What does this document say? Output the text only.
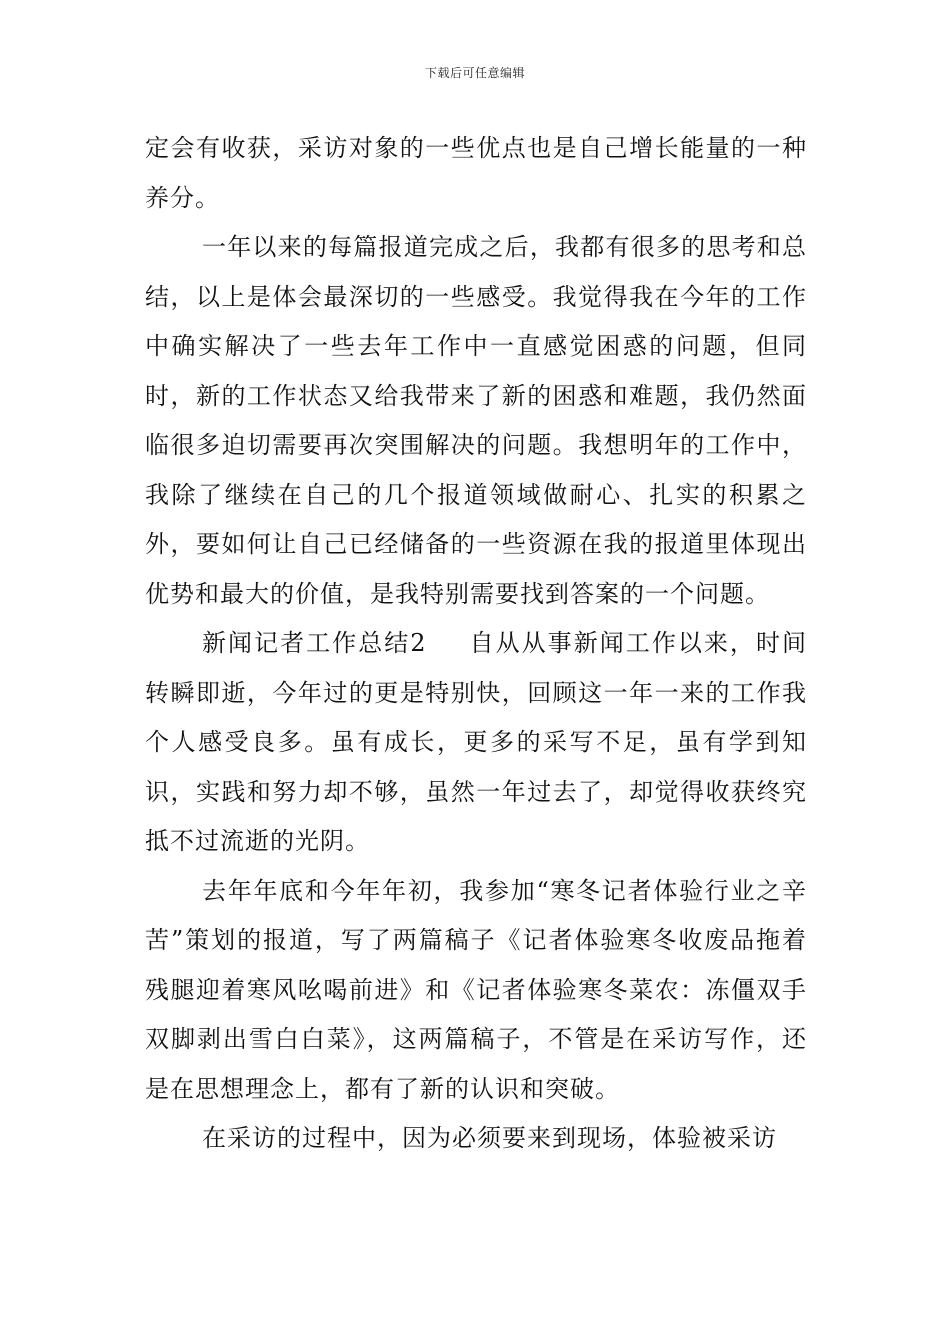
下载后可任意编辑

定会有收获，采访对象的一些优点也是自己增长能量的一种养分。

一年以来的每篇报道完成之后，我都有很多的思考和总结，以上是体会最深切的一些感受。我觉得我在今年的工作中确实解决了一些去年工作中一直感觉困惑的问题，但同时，新的工作状态又给我带来了新的困惑和难题，我仍然面临很多迫切需要再次突围解决的问题。我想明年的工作中，我除了继续在自己的几个报道领域做耐心、扎实的积累之外，要如何让自己已经储备的一些资源在我的报道里体现出优势和最大的价值，是我特别需要找到答案的一个问题。

新闻记者工作总结2 自从从事新闻工作以来，时间转瞬即逝，今年过的更是特别快，回顾这一年一来的工作我个人感受良多。虽有成长，更多的采写不足，虽有学到知识，实践和努力却不够，虽然一年过去了，却觉得收获终究抵不过流逝的光阴。

去年年底和今年年初，我参加“寒冬记者体验行业之辛苦”策划的报道，写了两篇稿子《记者体验寒冬收废品拖着残腿迎着寒风吆喝前进》和《记者体验寒冬菜农：冻僵双手双脚剥出雪白白菜》，这两篇稿子，不管是在采访写作，还是在思想理念上，都有了新的认识和突破。

在采访的过程中，因为必须要来到现场，体验被采访
